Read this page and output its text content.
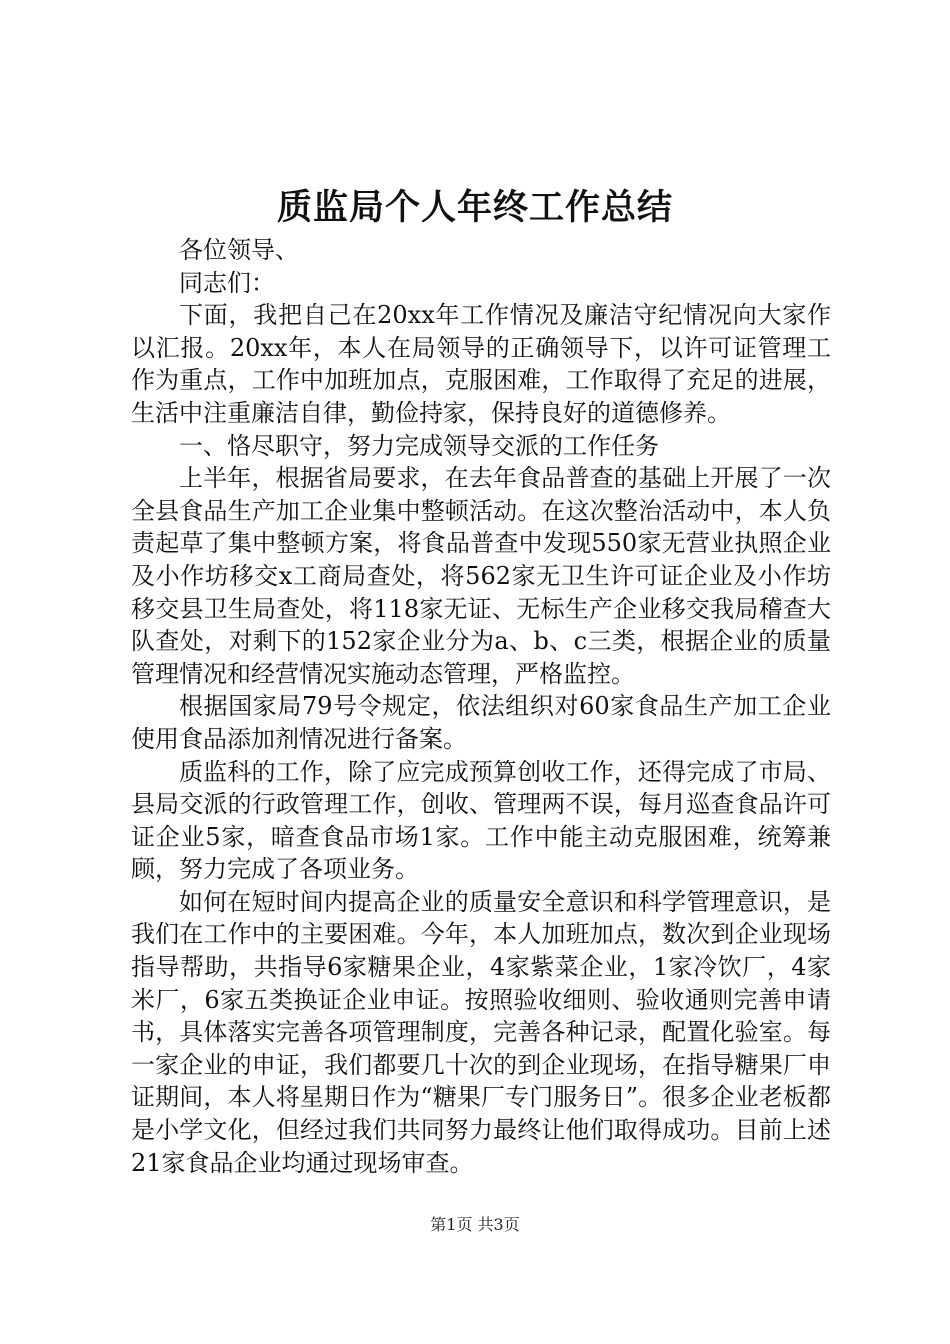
质监局个人年终工作总结

各位领导、

同志们：

下面，我把自己在20xx年工作情况及廉洁守纪情况向大家作以汇报。20xx年，本人在局领导的正确领导下，以许可证管理工作为重点，工作中加班加点，克服困难，工作取得了充足的进展，生活中注重廉洁自律，勤俭持家，保持良好的道德修养。

一、恪尽职守，努力完成领导交派的工作任务

上半年，根据省局要求，在去年食品普查的基础上开展了一次全县食品生产加工企业集中整顿活动。在这次整治活动中，本人负责起草了集中整顿方案，将食品普查中发现550家无营业执照企业及小作坊移交x工商局查处，将562家无卫生许可证企业及小作坊移交县卫生局查处，将118家无证、无标生产企业移交我局稽查大队查处，对剩下的152家企业分为a、b、c三类，根据企业的质量管理情况和经营情况实施动态管理，严格监控。

根据国家局79号令规定，依法组织对60家食品生产加工企业使用食品添加剂情况进行备案。

质监科的工作，除了应完成预算创收工作，还得完成了市局、县局交派的行政管理工作，创收、管理两不误，每月巡查食品许可证企业5家，暗查食品市场1家。工作中能主动克服困难，统筹兼顾，努力完成了各项业务。

如何在短时间内提高企业的质量安全意识和科学管理意识，是我们在工作中的主要困难。今年，本人加班加点，数次到企业现场指导帮助，共指导6家糖果企业，4家紫菜企业，1家冷饮厂，4家米厂，6家五类换证企业申证。按照验收细则、验收通则完善申请书，具体落实完善各项管理制度，完善各种记录，配置化验室。每一家企业的申证，我们都要几十次的到企业现场，在指导糖果厂申证期间，本人将星期日作为“糖果厂专门服务日”。很多企业老板都是小学文化，但经过我们共同努力最终让他们取得成功。目前上述21家食品企业均通过现场审查。

第1页 共3页
